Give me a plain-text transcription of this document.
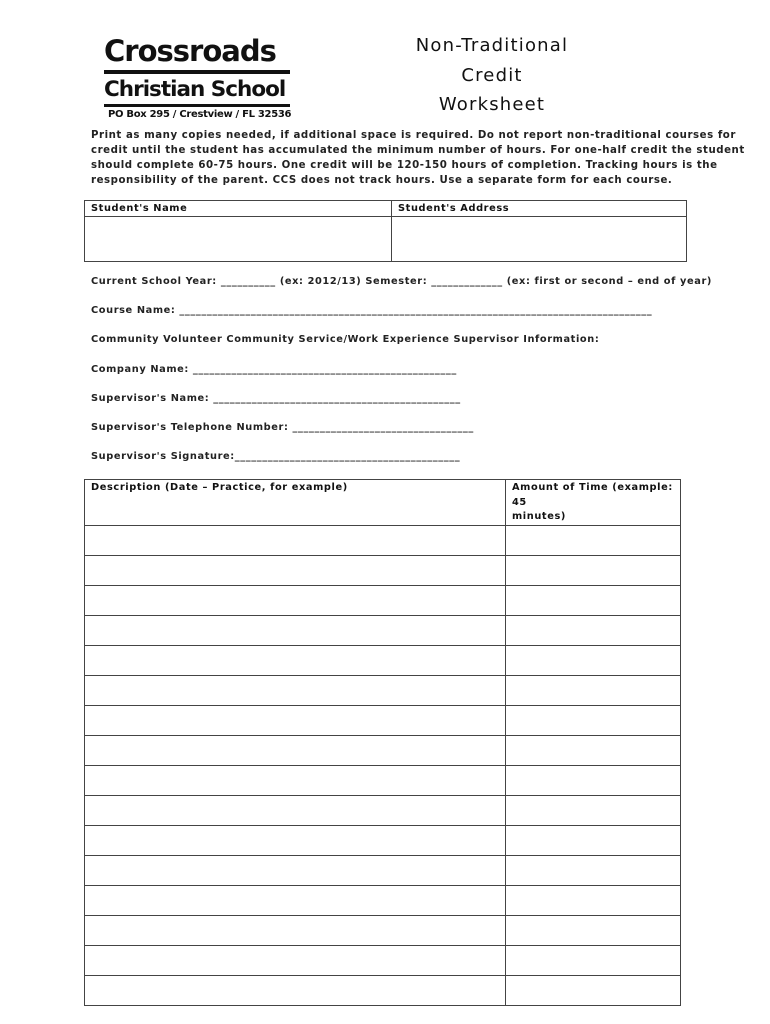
Crossroads
Christian School
PO Box 295 / Crestview / FL 32536
Non-Traditional
Credit
Worksheet
Print as many copies needed, if additional space is required. Do not report non-traditional courses for
credit until the student has accumulated the minimum number of hours. For one-half credit the student
should complete 60-75 hours. One credit will be 120-150 hours of completion. Tracking hours is the
responsibility of the parent. CCS does not track hours. Use a separate form for each course.
Student's Name	Student's Address

Current School Year: __________ (ex: 2012/13) Semester: _____________ (ex: first or second – end of year)
Course Name: ______________________________________________________________________________________
Community Volunteer Community Service/Work Experience Supervisor Information:
Company Name: ________________________________________________
Supervisor's Name: _____________________________________________
Supervisor's Telephone Number: _________________________________
Supervisor's Signature:_________________________________________
Description (Date – Practice, for example)	Amount of Time (example: 45
minutes)
